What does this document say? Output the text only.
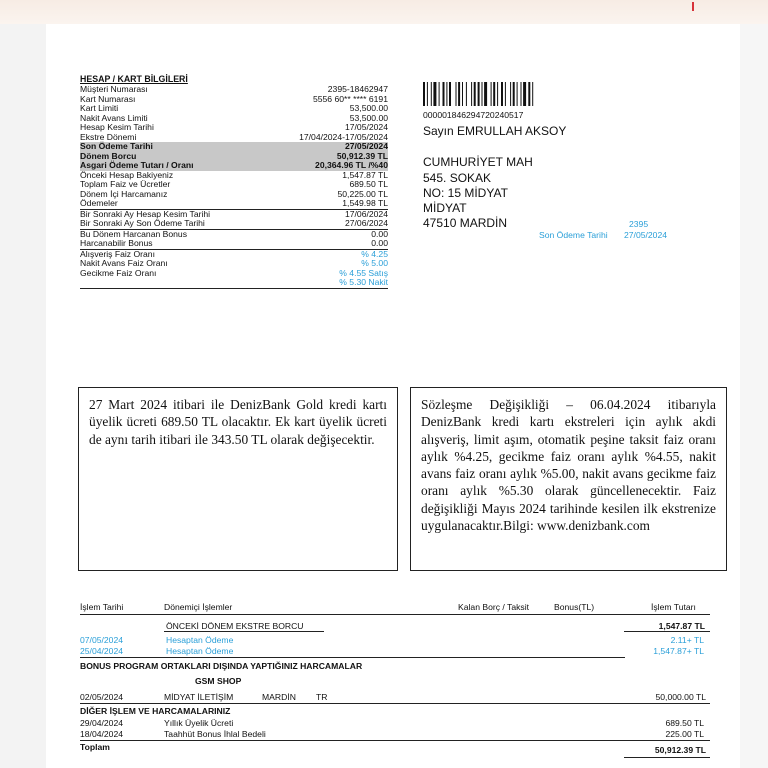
HESAP / KART BİLGİLERİ
Müşteri Numarası	2395-18462947
Kart Numarası	5556 60** **** 6191
Kart Limiti	53,500.00
Nakit Avans Limiti	53,500.00
Hesap Kesim Tarihi	17/05/2024
Ekstre Dönemi	17/04/2024-17/05/2024
Son Ödeme Tarihi	27/05/2024
Dönem Borcu	50,912.39 TL
Asgari Ödeme Tutarı / Oranı	20,364.96 TL /%40
Önceki Hesap Bakiyeniz	1,547.87 TL
Toplam Faiz ve Ücretler	689.50 TL
Dönem İçi Harcamanız	50,225.00 TL
Ödemeler	1,549.98 TL
Bir Sonraki Ay Hesap Kesim Tarihi	17/06/2024
Bir Sonraki Ay Son Ödeme Tarihi	27/06/2024
Bu Dönem Harcanan Bonus	0.00
Harcanabilir Bonus	0.00
Alışveriş Faiz Oranı	% 4.25
Nakit Avans Faiz Oranı	% 5.00
Gecikme Faiz Oranı	% 4.55 Satış
% 5.30 Nakit
000001846294720240517
Sayın EMRULLAH AKSOY
CUMHURİYET MAH
545. SOKAK
NO: 15 MİDYAT
MİDYAT
47510 MARDİN	2395
Son Ödeme Tarihi 27/05/2024
27 Mart 2024 itibari ile DenizBank Gold kredi kartı üyelik ücreti 689.50 TL olacaktır. Ek kart üyelik ücreti de aynı tarih itibari ile 343.50 TL olarak değişecektir.
Sözleşme Değişikliği – 06.04.2024 itibarıyla DenizBank kredi kartı ekstreleri için aylık akdi alışveriş, limit aşım, otomatik peşine taksit faiz oranı aylık %4.25, gecikme faiz oranı aylık %4.55, nakit avans faiz oranı aylık %5.00, nakit avans gecikme faiz oranı aylık %5.30 olarak güncellenecektir. Faiz değişikliği Mayıs 2024 tarihinde kesilen ilk ekstrenize uygulanacaktır.Bilgi: www.denizbank.com
İşlem Tarihi	Dönemiçi İşlemler	Kalan Borç / Taksit	Bonus(TL)	İşlem Tutarı
ÖNCEKİ DÖNEM EKSTRE BORCU	1,547.87 TL
07/05/2024	Hesaptan Ödeme	2.11+ TL
25/04/2024	Hesaptan Ödeme	1,547.87+ TL
BONUS PROGRAM ORTAKLARI DIŞINDA YAPTIĞINIZ HARCAMALAR
GSM SHOP
02/05/2024	MİDYAT İLETİŞİM	MARDİN TR	50,000.00 TL
DİĞER İŞLEM VE HARCAMALARINIZ
29/04/2024	Yıllık Üyelik Ücreti	689.50 TL
18/04/2024	Taahhüt Bonus İhlal Bedeli	225.00 TL
Toplam	50,912.39 TL
